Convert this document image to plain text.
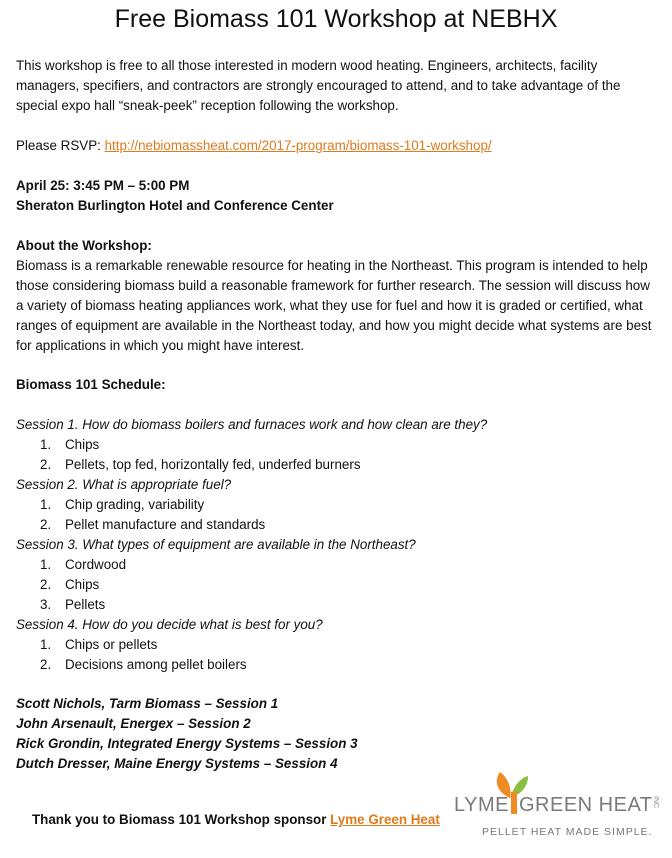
Free Biomass 101 Workshop at NEBHX
This workshop is free to all those interested in modern wood heating. Engineers, architects, facility managers, specifiers, and contractors are strongly encouraged to attend, and to take advantage of the special expo hall “sneak-peek” reception following the workshop.
Please RSVP: http://nebiomassheat.com/2017-program/biomass-101-workshop/
April 25: 3:45 PM – 5:00 PM
Sheraton Burlington Hotel and Conference Center
About the Workshop:
Biomass is a remarkable renewable resource for heating in the Northeast. This program is intended to help those considering biomass build a reasonable framework for further research. The session will discuss how a variety of biomass heating appliances work, what they use for fuel and how it is graded or certified, what ranges of equipment are available in the Northeast today, and how you might decide what systems are best for applications in which you might have interest.
Biomass 101 Schedule:
Session 1. How do biomass boilers and furnaces work and how clean are they?
1. Chips
2. Pellets, top fed, horizontally fed, underfed burners
Session 2. What is appropriate fuel?
1. Chip grading, variability
2. Pellet manufacture and standards
Session 3. What types of equipment are available in the Northeast?
1. Cordwood
2. Chips
3. Pellets
Session 4. How do you decide what is best for you?
1. Chips or pellets
2. Decisions among pellet boilers
Scott Nichols, Tarm Biomass – Session 1
John Arsenault, Energex – Session 2
Rick Grondin, Integrated Energy Systems – Session 3
Dutch Dresser, Maine Energy Systems – Session 4
Thank you to Biomass 101 Workshop sponsor Lyme Green Heat
LYME GREEN HEAT INC
PELLET HEAT MADE SIMPLE.
